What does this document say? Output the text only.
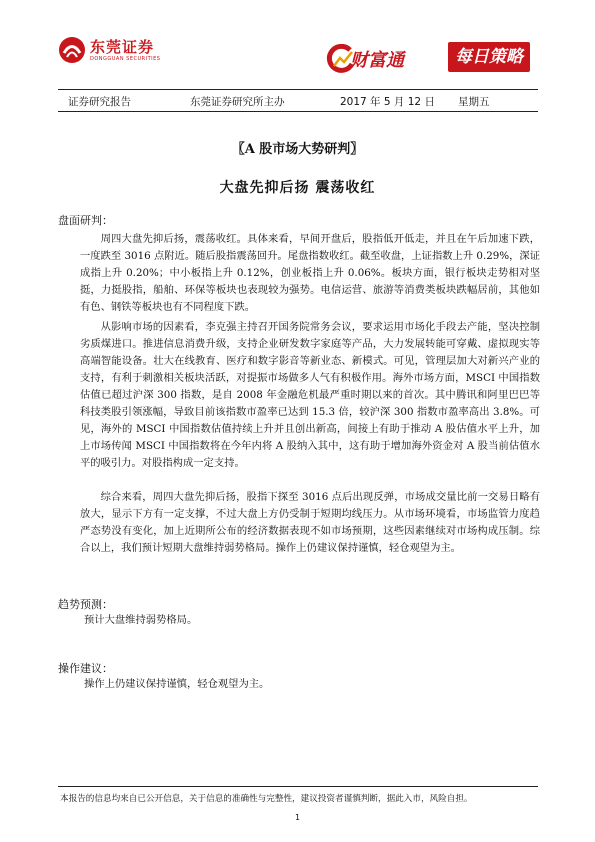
东莞证券
DONGGUAN SECURITIES	财富通	每日策略
证券研究报告	东莞证券研究所主办	2017 年 5 月 12 日 星期五
〖A 股市场大势研判〗
大盘先抑后扬 震荡收红
盘面研判：
周四大盘先抑后扬，震荡收红。具体来看，早间开盘后，股指低开低走，并且在午后加速下跌，一度跌至 3016 点附近。随后股指震荡回升。尾盘指数收红。截至收盘，上证指数上升 0.29%，深证成指上升 0.20%；中小板指上升 0.12%，创业板指上升 0.06%。板块方面，银行板块走势相对坚挺，力挺股指，船舶、环保等板块也表现较为强势。电信运营、旅游等消费类板块跌幅居前，其他如有色、钢铁等板块也有不同程度下跌。
从影响市场的因素看，李克强主持召开国务院常务会议，要求运用市场化手段去产能，坚决控制劣质煤进口。推进信息消费升级，支持企业研发数字家庭等产品，大力发展转能可穿戴、虚拟现实等高端智能设备。壮大在线教育、医疗和数字影音等新业态、新模式。可见，管理层加大对新兴产业的支持，有利于刺激相关板块活跃，对提振市场做多人气有积极作用。海外市场方面，MSCI 中国指数估值已超过沪深 300 指数，是自 2008 年金融危机最严重时期以来的首次。其中腾讯和阿里巴巴等科技类股引领涨幅，导致目前该指数市盈率已达到 15.3 倍，较沪深 300 指数市盈率高出 3.8%。可见，海外的 MSCI 中国指数估值持续上升并且创出新高，间接上有助于推动 A 股估值水平上升，加上市场传闻 MSCI 中国指数将在今年内将 A 股纳入其中，这有助于增加海外资金对 A 股当前估值水平的吸引力。对股指构成一定支持。
综合来看，周四大盘先抑后扬，股指下探至 3016 点后出现反弹，市场成交量比前一交易日略有放大，显示下方有一定支撑，不过大盘上方仍受制于短期均线压力。从市场环境看，市场监管力度趋严态势没有变化，加上近期所公布的经济数据表现不如市场预期，这些因素继续对市场构成压制。综合以上，我们预计短期大盘维持弱势格局。操作上仍建议保持谨慎，轻仓观望为主。
趋势预测：
预计大盘维持弱势格局。
操作建议：
操作上仍建议保持谨慎，轻仓观望为主。
本报告的信息均来自已公开信息，关于信息的准确性与完整性，建议投资者谨慎判断，据此入市，风险自担。
1
